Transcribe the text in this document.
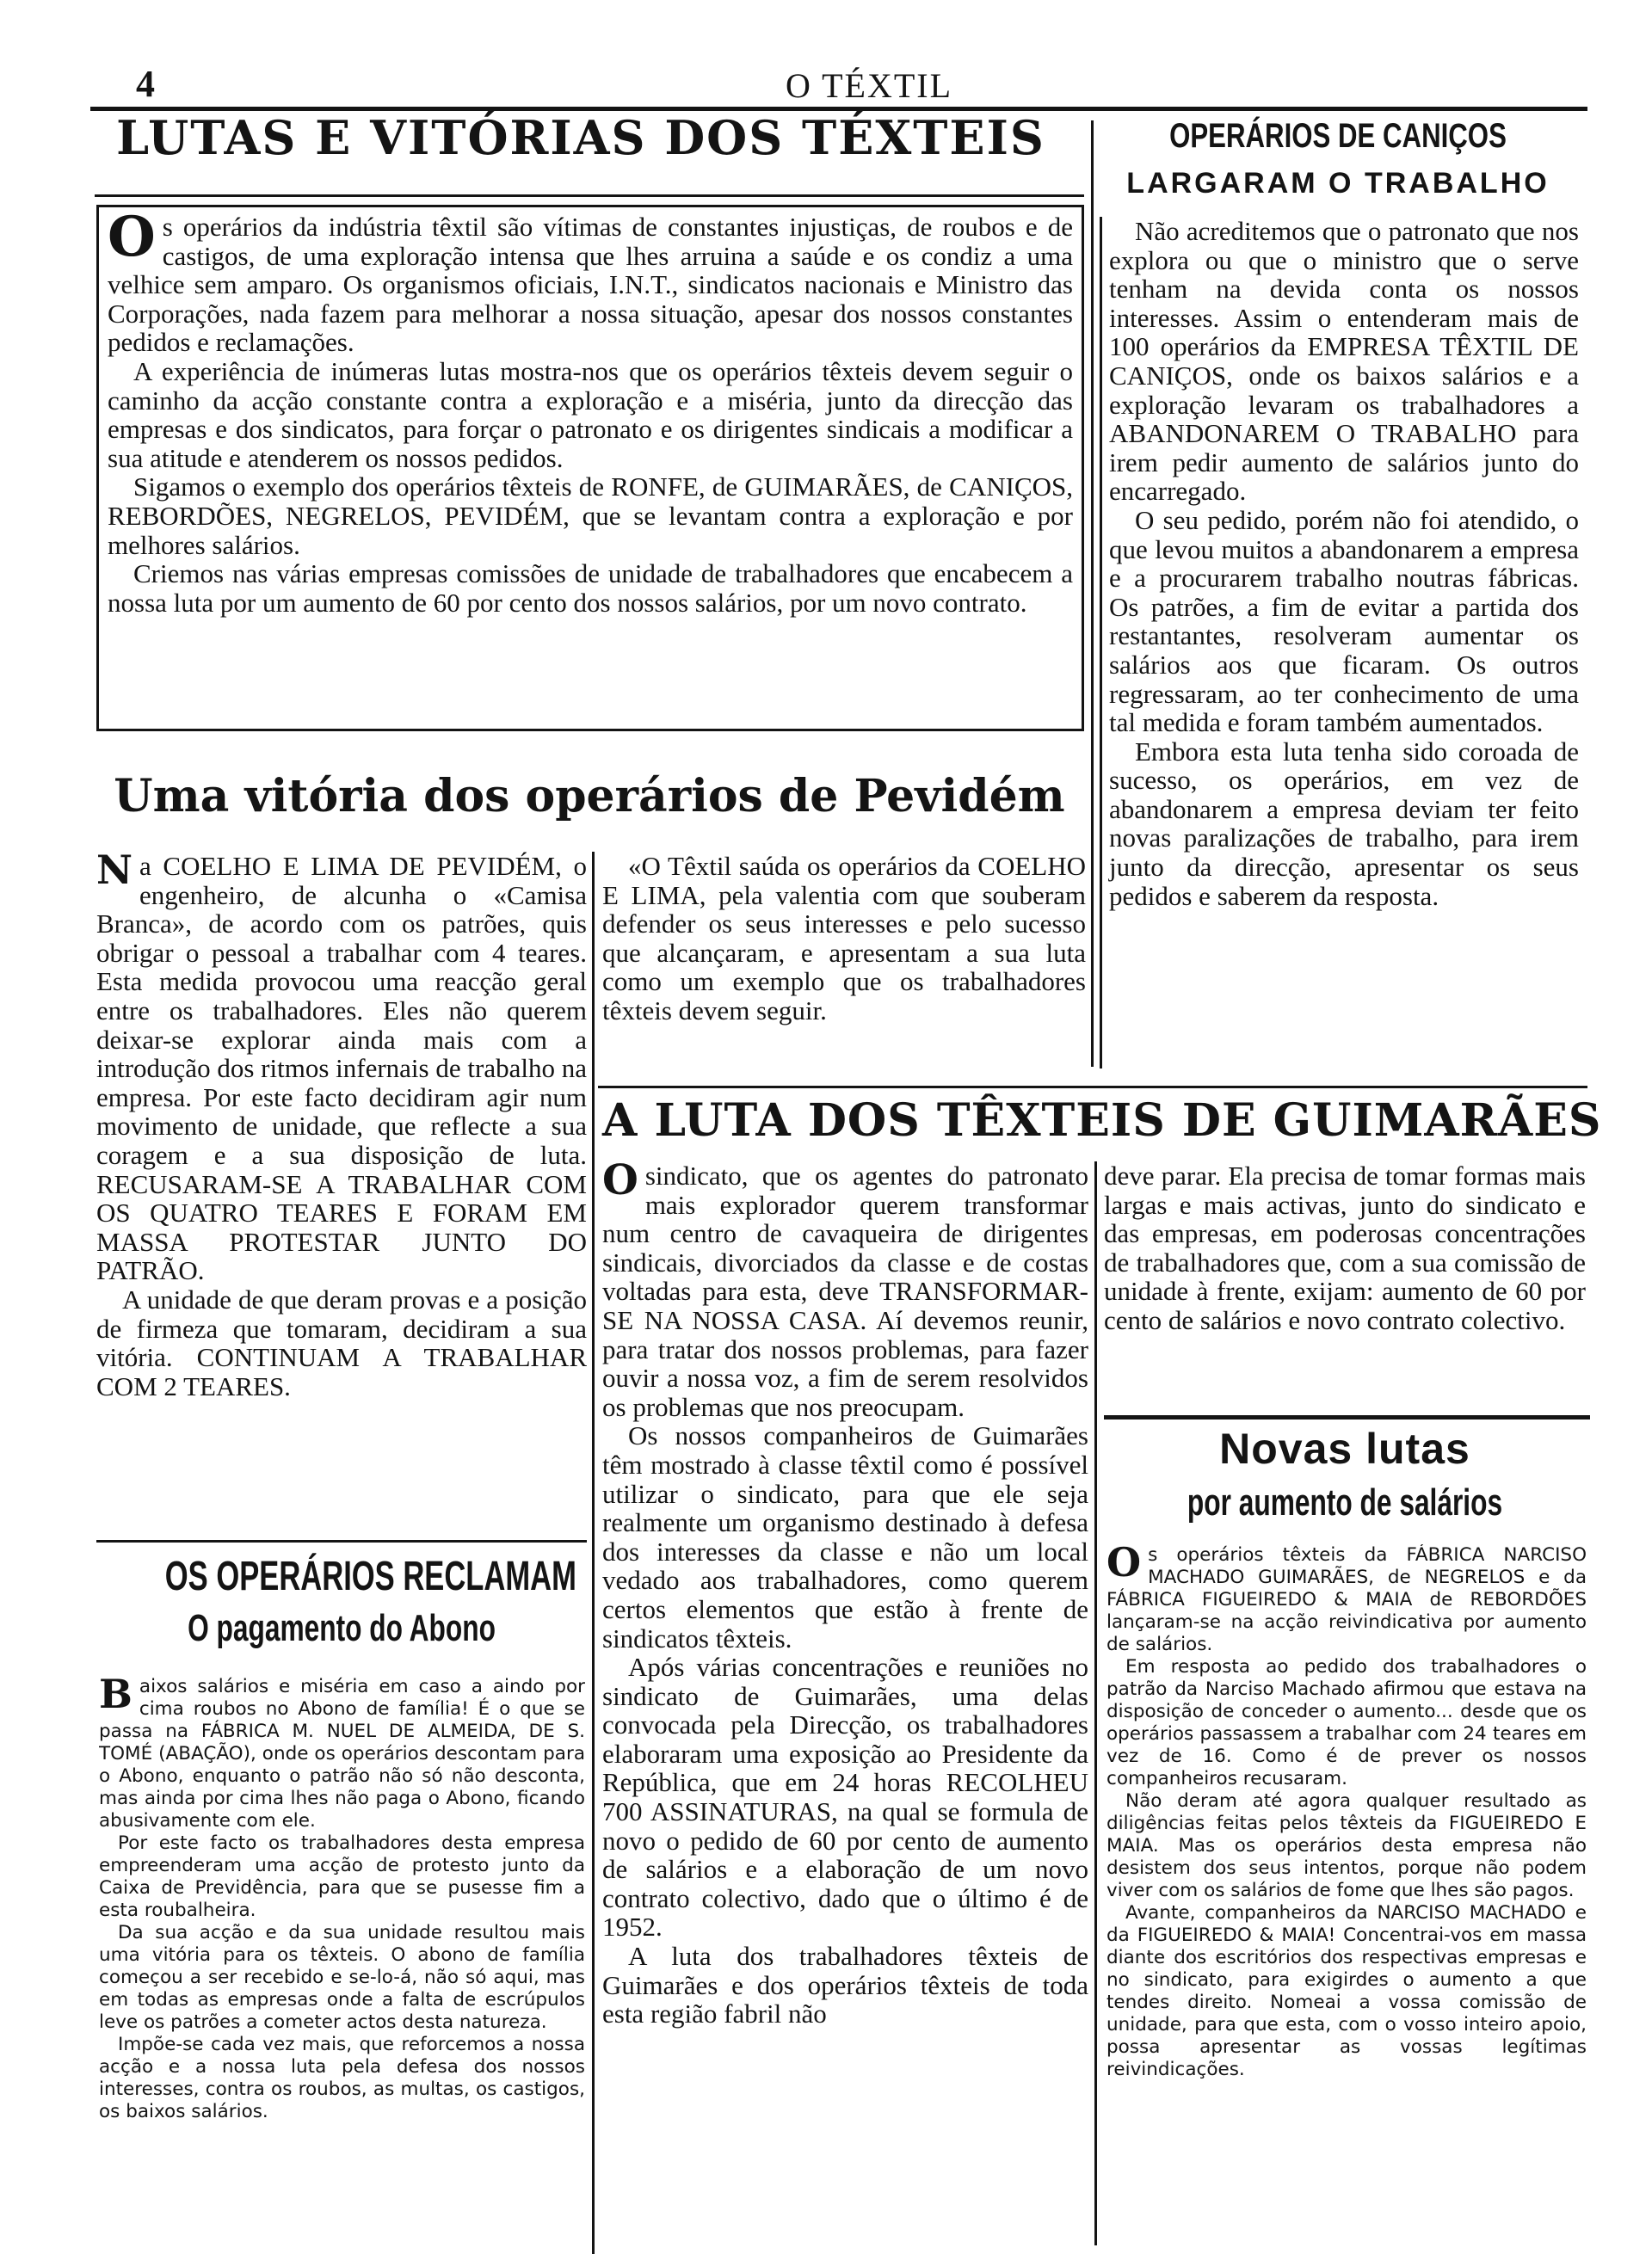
4	O TÉXTIL
LUTAS E VITÓRIAS DOS TÉXTEIS

Os operários da indústria têxtil são vítimas de constantes injustiças, de roubos e de castigos, de uma exploração intensa que lhes arruina a saúde e os condiz a uma velhice sem amparo. Os organismos oficiais, I.N.T., sindicatos nacionais e Ministro das Corporações, nada fazem para melhorar a nossa situação, apesar dos nossos constantes pedidos e reclamações.

A experiência de inúmeras lutas mostra-nos que os operários têxteis devem seguir o caminho da acção constante contra a exploração e a miséria, junto da direcção das empresas e dos sindicatos, para forçar o patronato e os dirigentes sindicais a modificar a sua atitude e atenderem os nossos pedidos.

Sigamos o exemplo dos operários têxteis de RONFE, de GUIMARÃES, de CANIÇOS, REBORDÕES, NEGRELOS, PEVIDÉM, que se levantam contra a exploração e por melhores salários.

Criemos nas várias empresas comissões de unidade de trabalhadores que encabecem a nossa luta por um aumento de 60 por cento dos nossos salários, por um novo contrato.

OPERÁRIOS DE CANIÇOS
LARGARAM O TRABALHO

Não acreditemos que o patronato que nos explora ou que o ministro que o serve tenham na devida conta os nossos interesses. Assim o entenderam mais de 100 operários da EMPRESA TÊXTIL DE CANIÇOS, onde os baixos salários e a exploração levaram os trabalhadores a ABANDONAREM O TRABALHO para irem pedir aumento de salários junto do encarregado.

O seu pedido, porém não foi atendido, o que levou muitos a abandonarem a empresa e a procurarem trabalho noutras fábricas. Os patrões, a fim de evitar a partida dos restantantes, resolveram aumentar os salários aos que ficaram. Os outros regressaram, ao ter conhecimento de uma tal medida e foram também aumentados.

Embora esta luta tenha sido coroada de sucesso, os operários, em vez de abandonarem a empresa deviam ter feito novas paralizações de trabalho, para irem junto da direcção, apresentar os seus pedidos e saberem da resposta.

Uma vitória dos operários de Pevidém

N a COELHO E LIMA DE PEVIDÉM, o engenheiro, de alcunha o «Camisa Branca», de acordo com os patrões, quis obrigar o pessoal a trabalhar com 4 teares. Esta medida provocou uma reacção geral entre os trabalhadores. Eles não querem deixar-se explorar ainda mais com a introdução dos ritmos infernais de trabalho na empresa. Por este facto decidiram agir num movimento de unidade, que reflecte a sua coragem e a sua disposição de luta. RECUSARAM-SE A TRABALHAR COM OS QUATRO TEARES E FORAM EM MASSA PROTESTAR JUNTO DO PATRÃO.

A unidade de que deram provas e a posição de firmeza que tomaram, decidiram a sua vitória. CONTINUAM A TRABALHAR COM 2 TEARES.

«O Têxtil saúda os operários da COELHO E LIMA, pela valentia com que souberam defender os seus interesses e pelo sucesso que alcançaram, e apresentam a sua luta como um exemplo que os trabalhadores têxteis devem seguir.

A LUTA DOS TÊXTEIS DE GUIMARÃES

Osindicato, que os agentes do patronato mais explorador querem transformar num centro de cavaqueira de dirigentes sindicais, divorciados da classe e de costas voltadas para esta, deve TRANSFORMAR-SE NA NOSSA CASA. Aí devemos reunir, para tratar dos nossos problemas, para fazer ouvir a nossa voz, a fim de serem resolvidos os problemas que nos preocupam.

Os nossos companheiros de Guimarães têm mostrado à classe têxtil como é possível utilizar o sindicato, para que ele seja realmente um organismo destinado à defesa dos interesses da classe e não um local vedado aos trabalhadores, como querem certos elementos que estão à frente de sindicatos têxteis.

Após várias concentrações e reuniões no sindicato de Guimarães, uma delas convocada pela Direcção, os trabalhadores elaboraram uma exposição ao Presidente da República, que em 24 horas RECOLHEU 700 ASSINATURAS, na qual se formula de novo o pedido de 60 por cento de aumento de salários e a elaboração de um novo contrato colectivo, dado que o último é de 1952.

A luta dos trabalhadores têxteis de Guimarães e dos operários têxteis de toda esta região fabril não

deve parar. Ela precisa de tomar formas mais largas e mais activas, junto do sindicato e das empresas, em poderosas concentrações de trabalhadores que, com a sua comissão de unidade à frente, exijam: aumento de 60 por cento de salários e novo contrato colectivo.

OS OPERÁRIOS RECLAMAM
O pagamento do Abono

Baixos salários e miséria em caso a aindo por cima roubos no Abono de família! É o que se passa na FÁBRICA M. NUEL DE ALMEIDA, DE S. TOMÉ (ABAÇÃO), onde os operários descontam para o Abono, enquanto o patrão não só não desconta, mas ainda por cima lhes não paga o Abono, ficando abusivamente com ele.

Por este facto os trabalhadores desta empresa empreenderam uma acção de protesto junto da Caixa de Previdência, para que se pusesse fim a esta roubalheira.

Da sua acção e da sua unidade resultou mais uma vitória para os têxteis. O abono de família começou a ser recebido e se-lo-á, não só aqui, mas em todas as empresas onde a falta de escrúpulos leve os patrões a cometer actos desta natureza.

Impõe-se cada vez mais, que reforcemos a nossa acção e a nossa luta pela defesa dos nossos interesses, contra os roubos, as multas, os castigos, os baixos salários.

Novas lutas
por aumento de salários

Os operários têxteis da FÁBRICA NARCISO MACHADO GUIMARÃES, de NEGRELOS e da FÁBRICA FIGUEIREDO & MAIA de REBORDÕES lançaram-se na acção reivindicativa por aumento de salários.

Em resposta ao pedido dos trabalhadores o patrão da Narciso Machado afirmou que estava na disposição de conceder o aumento... desde que os operários passassem a trabalhar com 24 teares em vez de 16. Como é de prever os nossos companheiros recusaram.

Não deram até agora qualquer resultado as diligências feitas pelos têxteis da FIGUEIREDO E MAIA. Mas os operários desta empresa não desistem dos seus intentos, porque não podem viver com os salários de fome que lhes são pagos.

Avante, companheiros da NARCISO MACHADO e da FIGUEIREDO & MAIA! Concentrai-vos em massa diante dos escritórios dos respectivas empresas e no sindicato, para exigirdes o aumento a que tendes direito. Nomeai a vossa comissão de unidade, para que esta, com o vosso inteiro apoio, possa apresentar as vossas legítimas reivindicações.
